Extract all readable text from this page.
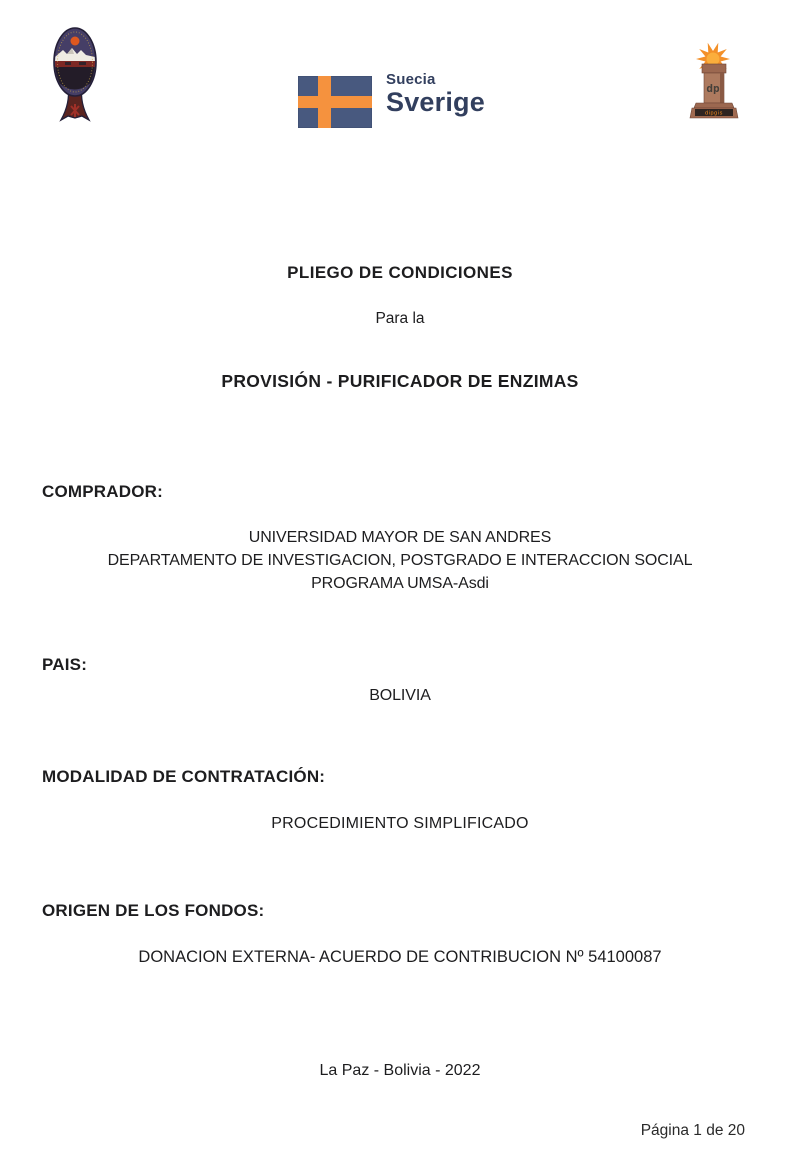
Suecia
Sverige	dp
dipgis
PLIEGO DE CONDICIONES
Para la
PROVISIÓN - PURIFICADOR DE ENZIMAS
COMPRADOR:
UNIVERSIDAD MAYOR DE SAN ANDRES
DEPARTAMENTO DE INVESTIGACION, POSTGRADO E INTERACCION SOCIAL
PROGRAMA UMSA-Asdi
PAIS:
BOLIVIA
MODALIDAD DE CONTRATACIÓN:
PROCEDIMIENTO SIMPLIFICADO
ORIGEN DE LOS FONDOS:
DONACION EXTERNA- ACUERDO DE CONTRIBUCION Nº 54100087
La Paz - Bolivia - 2022
Página 1 de 20
